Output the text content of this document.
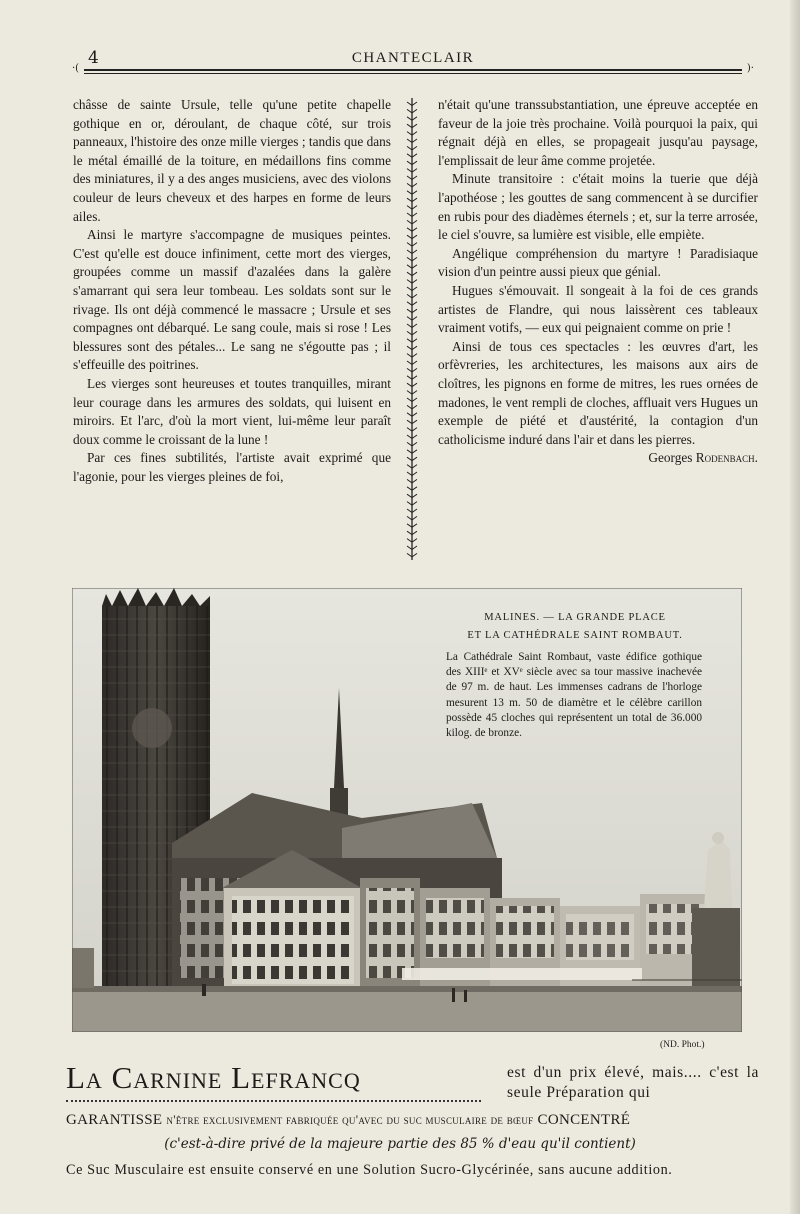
4	CHANTECLAIR
·(	)·

châsse de sainte Ursule, telle qu'une petite chapelle gothique en or, déroulant, de chaque côté, sur trois panneaux, l'histoire des onze mille vierges ; tandis que dans le métal émaillé de la toiture, en médaillons fins comme des miniatures, il y a des anges musiciens, avec des violons couleur de leurs cheveux et des harpes en forme de leurs ailes.

Ainsi le martyre s'accompagne de musiques peintes. C'est qu'elle est douce infiniment, cette mort des vierges, groupées comme un massif d'azalées dans la galère s'amarrant qui sera leur tombeau. Les soldats sont sur le rivage. Ils ont déjà commencé le massacre ; Ursule et ses compagnes ont débarqué. Le sang coule, mais si rose ! Les blessures sont des pétales... Le sang ne s'égoutte pas ; il s'effeuille des poitrines.

Les vierges sont heureuses et toutes tranquilles, mirant leur courage dans les armures des soldats, qui luisent en miroirs. Et l'arc, d'où la mort vient, lui-même leur paraît doux comme le croissant de la lune !

Par ces fines subtilités, l'artiste avait exprimé que l'agonie, pour les vierges pleines de foi,

n'était qu'une transsubstantiation, une épreuve acceptée en faveur de la joie très prochaine. Voilà pourquoi la paix, qui régnait déjà en elles, se propageait jusqu'au paysage, l'emplissait de leur âme comme projetée.

Minute transitoire : c'était moins la tuerie que déjà l'apothéose ; les gouttes de sang commencent à se durcifier en rubis pour des diadèmes éternels ; et, sur la terre arrosée, le ciel s'ouvre, sa lumière est visible, elle empiète.

Angélique compréhension du martyre ! Paradisiaque vision d'un peintre aussi pieux que génial.

Hugues s'émouvait. Il songeait à la foi de ces grands artistes de Flandre, qui nous laissèrent ces tableaux vraiment votifs, — eux qui peignaient comme on prie !

Ainsi de tous ces spectacles : les œuvres d'art, les orfèvreries, les architectures, les maisons aux airs de cloîtres, les pignons en forme de mitres, les rues ornées de madones, le vent rempli de cloches, affluait vers Hugues un exemple de piété et d'austérité, la contagion d'un catholicisme induré dans l'air et dans les pierres.
Georges Rodenbach.

MALINES. — LA GRANDE PLACE
ET LA CATHÉDRALE SAINT ROMBAUT.
La Cathédrale Saint Rombaut, vaste édifice gothique des XIIIᵉ et XVᵉ siècle avec sa tour massive inachevée de 97 m. de haut. Les immenses cadrans de l'horloge mesurent 13 m. 50 de diamètre et le célèbre carillon possède 45 cloches qui représentent un total de 36.000 kilog. de bronze.
(ND. Phot.)
La Carnine Lefrancq	est d'un prix élevé, mais.... c'est la seule Préparation qui
GARANTISSE n'être exclusivement fabriquée qu'avec du suc musculaire de bœuf CONCENTRÉ
(c'est-à-dire privé de la majeure partie des 85 % d'eau qu'il contient)
Ce Suc Musculaire est ensuite conservé en une Solution Sucro-Glycérinée, sans aucune addition.
